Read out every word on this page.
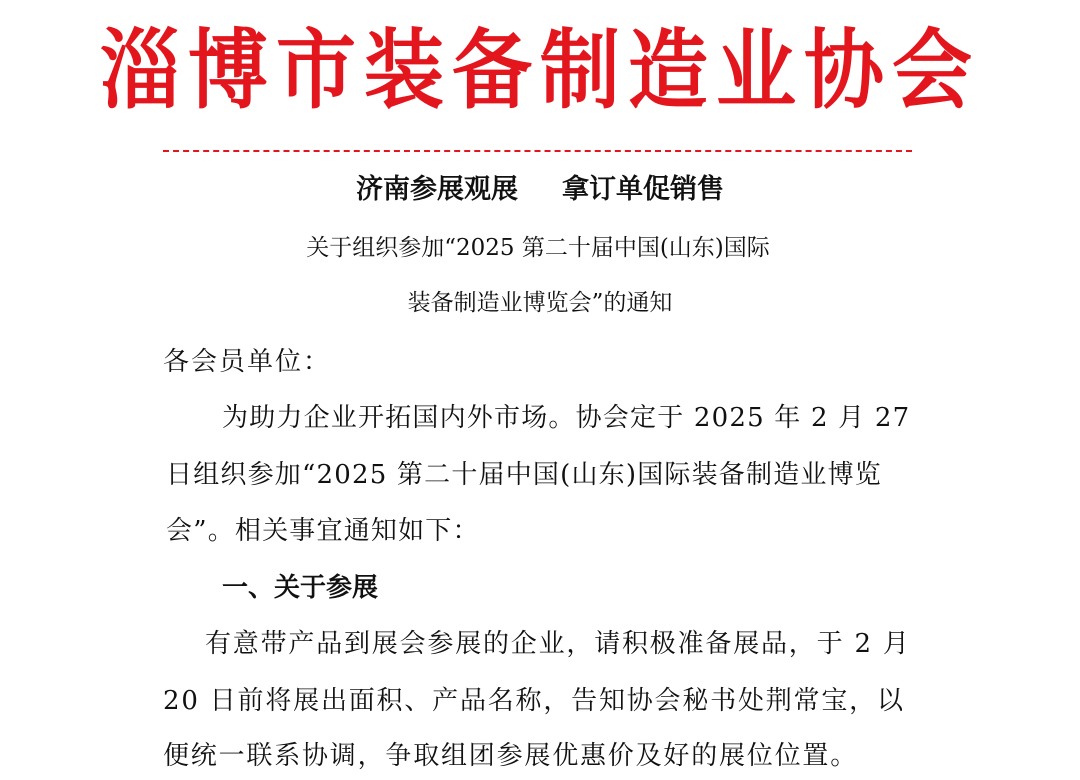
淄博市装备制造业协会
济南参展观展 拿订单促销售
关于组织参加“2025 第二十届中国(山东)国际
装备制造业博览会”的通知
各会员单位：
为助力企业开拓国内外市场。协会定于 2025 年 2 月 27
日组织参加“2025 第二十届中国(山东)国际装备制造业博览
会”。相关事宜通知如下：
一、关于参展
有意带产品到展会参展的企业，请积极准备展品，于 2 月
20 日前将展出面积、产品名称，告知协会秘书处荆常宝，以
便统一联系协调，争取组团参展优惠价及好的展位位置。
